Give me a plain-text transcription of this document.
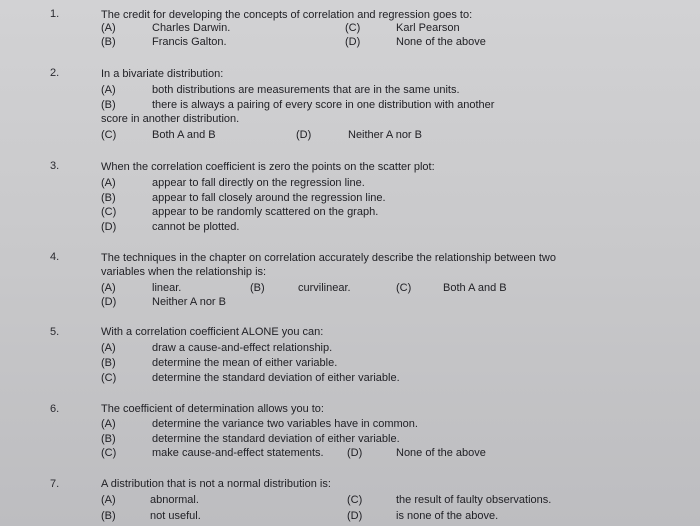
1.	The credit for developing the concepts of correlation and regression goes to:
(A)	Charles Darwin.
(B)	Francis Galton.
(C)	Karl Pearson
(D)	None of the above
2.	In a bivariate distribution:
(A)	both distributions are measurements that are in the same units.
(B)	there is always a pairing of every score in one distribution with another
score in another distribution.
(C)	Both A and B	(D)	Neither A nor B
3.	When the correlation coefficient is zero the points on the scatter plot:
(A)	appear to fall directly on the regression line.
(B)	appear to fall closely around the regression line.
(C)	appear to be randomly scattered on the graph.
(D)	cannot be plotted.
4.	The techniques in the chapter on correlation accurately describe the relationship between two
variables when the relationship is:
(A)	linear.	(B)	curvilinear.	(C)	Both A and B
(D)	Neither A nor B
5.	With a correlation coefficient ALONE you can:
(A)	draw a cause-and-effect relationship.
(B)	determine the mean of either variable.
(C)	determine the standard deviation of either variable.
6.	The coefficient of determination allows you to:
(A)	determine the variance two variables have in common.
(B)	determine the standard deviation of either variable.
(C)	make cause-and-effect statements. (D)	None of the above
7.	A distribution that is not a normal distribution is:
(A)	abnormal.
(B)	not useful.
(C)	the result of faulty observations.
(D)	is none of the above.
